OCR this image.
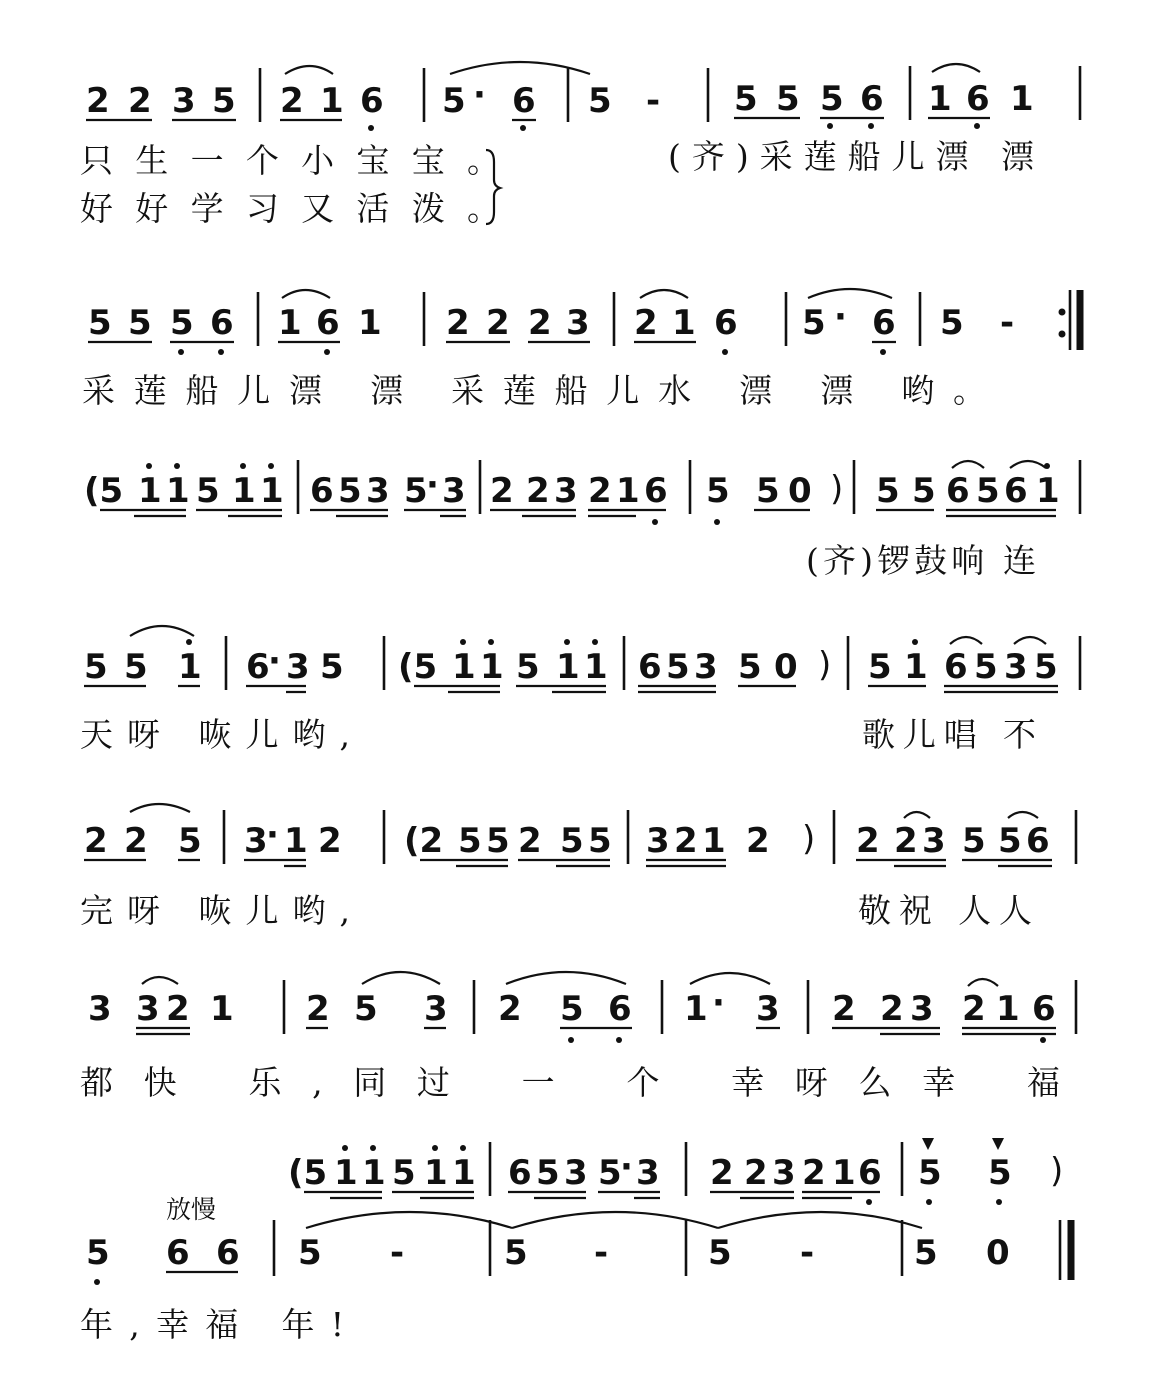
2 2 3 5 2 1 6 5 · 6 5 - 5 5 5 6 1 6 1
只生一个小宝宝。
好好学习又活泼。
(齐)采莲船儿漂 漂
5 5 5 6 1 6 1 2 2 2 3 2 1 6 5 · 6 5 -
采莲船儿漂 漂 采莲船儿水 漂 漂 哟。
(5 1 1 5 1 1 6 5 3 5
· 3 2 2 3 2 1 6 5 5 0 ) 5 5 6 5 6 1
(齐)锣鼓响 连
5 5 1 6
· 3 5 (5 1 1 5 1 1 6 5 3 5 0 ) 5 1 6 5 3 5
天呀 咴儿哟,	歌儿唱 不
2 2 5 3
· 1 2 (2 5 5 2 5 5 3 2 1 2 ) 2 2 3 5 5 6
完呀 咴儿哟,	敬祝 人人
3 3 2 1 2 5 3 2 5 6 1 · 3 2 2 3 2 1 6
都快 乐,同过 一 个 幸呀么幸 福
(5 1 1 5 1 1 6 5 3 5
· 3 2 2 3 2 1 6 5 5 )
放慢
5 6 6 5 -	5 -	5 -	5 0
年,幸福 年!
